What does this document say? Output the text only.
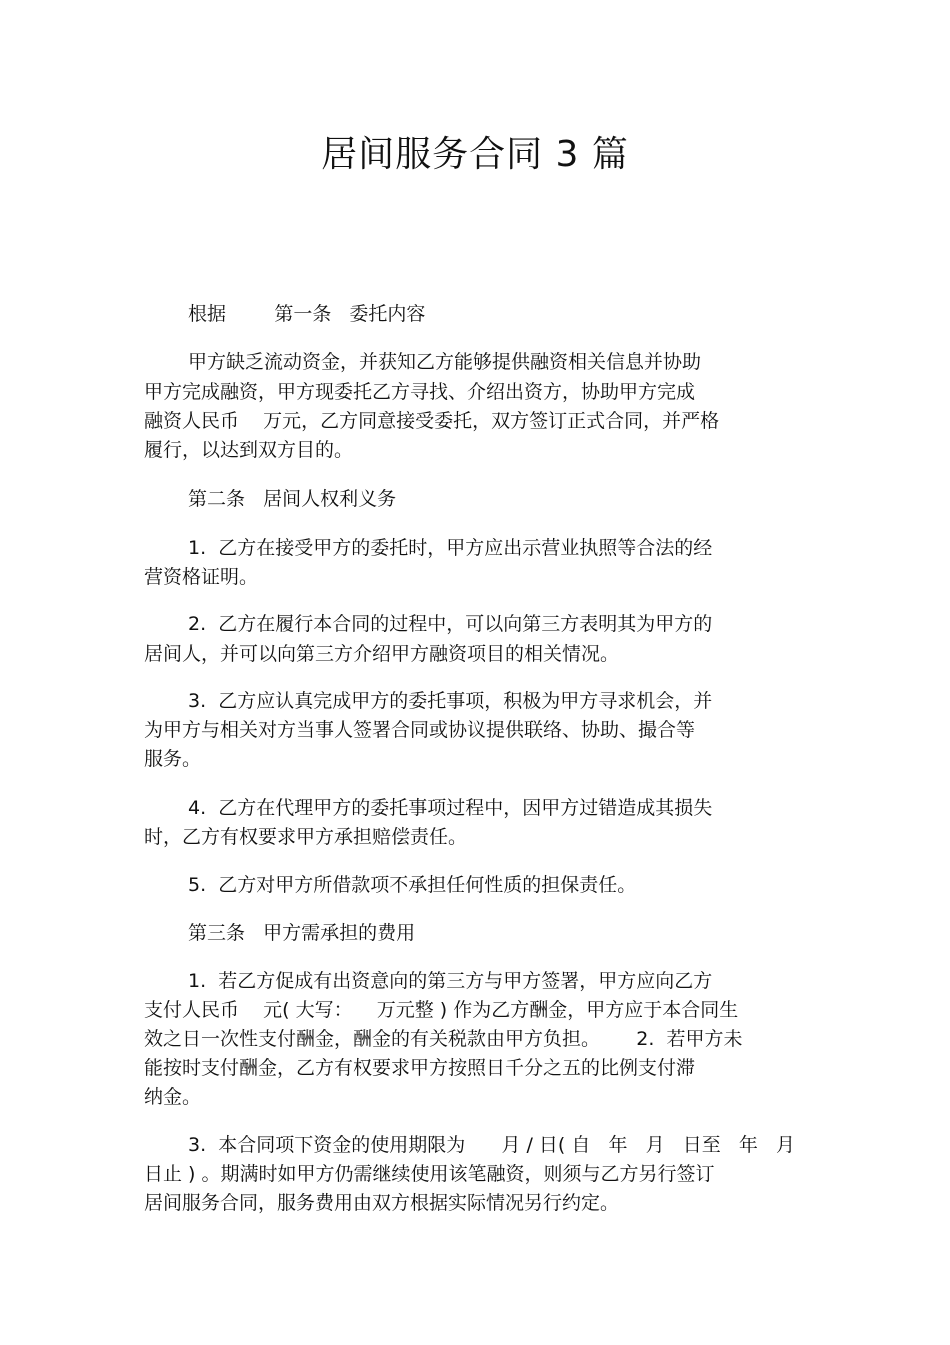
居间服务合同 3 篇

根据        第一条   委托内容

甲方缺乏流动资金，并获知乙方能够提供融资相关信息并协助

甲方完成融资，甲方现委托乙方寻找、介绍出资方，协助甲方完成

融资人民币    万元，乙方同意接受委托，双方签订正式合同，并严格

履行，以达到双方目的。

第二条   居间人权利义务

1.  乙方在接受甲方的委托时，甲方应出示营业执照等合法的经

营资格证明。

2.  乙方在履行本合同的过程中，可以向第三方表明其为甲方的

居间人，并可以向第三方介绍甲方融资项目的相关情况。

3.  乙方应认真完成甲方的委托事项，积极为甲方寻求机会，并

为甲方与相关对方当事人签署合同或协议提供联络、协助、撮合等

服务。

4.  乙方在代理甲方的委托事项过程中，因甲方过错造成其损失

时，乙方有权要求甲方承担赔偿责任。

5.  乙方对甲方所借款项不承担任何性质的担保责任。

第三条   甲方需承担的费用

1.  若乙方促成有出资意向的第三方与甲方签署，甲方应向乙方

支付人民币    元( 大写：    万元整 ) 作为乙方酬金，甲方应于本合同生

效之日一次性支付酬金，酬金的有关税款由甲方负担。      2.  若甲方未

能按时支付酬金，乙方有权要求甲方按照日千分之五的比例支付滞

纳金。

3.  本合同项下资金的使用期限为      月 / 日( 自   年   月   日至   年   月

日止 ) 。期满时如甲方仍需继续使用该笔融资，则须与乙方另行签订

居间服务合同，服务费用由双方根据实际情况另行约定。
